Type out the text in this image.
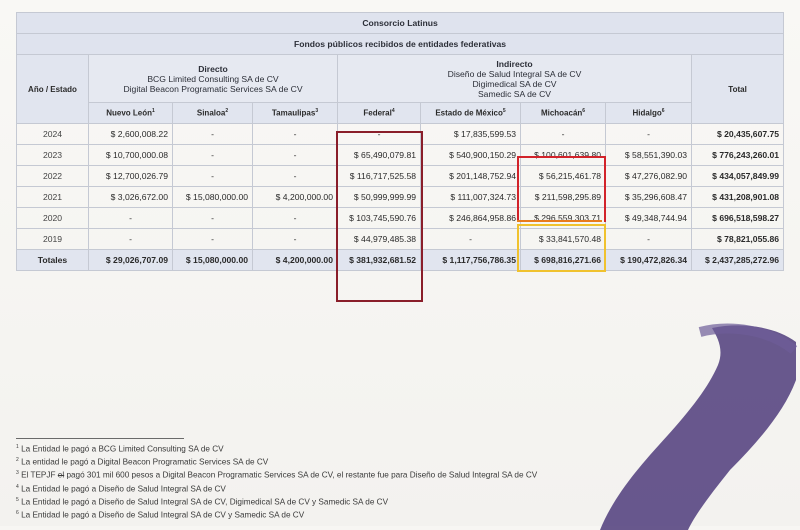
Consorcio Latinus								
Fondos públicos recibidos de entidades federativas								
Año / Estado	Directo
BCG Limited Consulting SA de CV
Digital Beacon Programatic Services SA de CV			Indirecto
Diseño de Salud Integral SA de CV
Digimedical SA de CV
Samedic SA de CV				Total
	Nuevo León$^1$	Sinaloa$^2$	Tamaulipas$^3$	Federal$^4$	Estado de México$^5$	Michoacán$^6$	Hidalgo$^6$
2024	$ 2,600,008.22	-	-	-	$ 17,835,599.53	-	-	$ 20,435,607.75
2023	$ 10,700,000.08	-	-	$ 65,490,079.81	$ 540,900,150.29	$ 100,601,639.80	$ 58,551,390.03	$ 776,243,260.01
2022	$ 12,700,026.79	-	-	$ 116,717,525.58	$ 201,148,752.94	$ 56,215,461.78	$ 47,276,082.90	$ 434,057,849.99
2021	$ 3,026,672.00	$ 15,080,000.00	$ 4,200,000.00	$ 50,999,999.99	$ 111,007,324.73	$ 211,598,295.89	$ 35,296,608.47	$ 431,208,901.08
2020	-	-	-	$ 103,745,590.76	$ 246,864,958.86	$ 296,559,303.71	$ 49,348,744.94	$ 696,518,598.27
2019	-	-	-	$ 44,979,485.38	-	$ 33,841,570.48	-	$ 78,821,055.86
Totales	$ 29,026,707.09	$ 15,080,000.00	$ 4,200,000.00	$ 381,932,681.52	$ 1,117,756,786.35	$ 698,816,271.66	$ 190,472,826.34	$ 2,437,285,272.96
$^1$ La Entidad le pagó a BCG Limited Consulting SA de CV
$^2$ La entidad le pagó a Digital Beacon Programatic Services SA de CV
$^3$ El TEPJF el pagó 301 mil 600 pesos a Digital Beacon Programatic Services SA de CV, el restante fue para Diseño de Salud Integral SA de CV
$^4$ La Entidad le pagó a Diseño de Salud Integral SA de CV
$^5$ La Entidad le pagó a Diseño de Salud Integral SA de CV, Digimedical SA de CV y Samedic SA de CV
$^6$ La Entidad le pagó a Diseño de Salud Integral SA de CV y Samedic SA de CV
